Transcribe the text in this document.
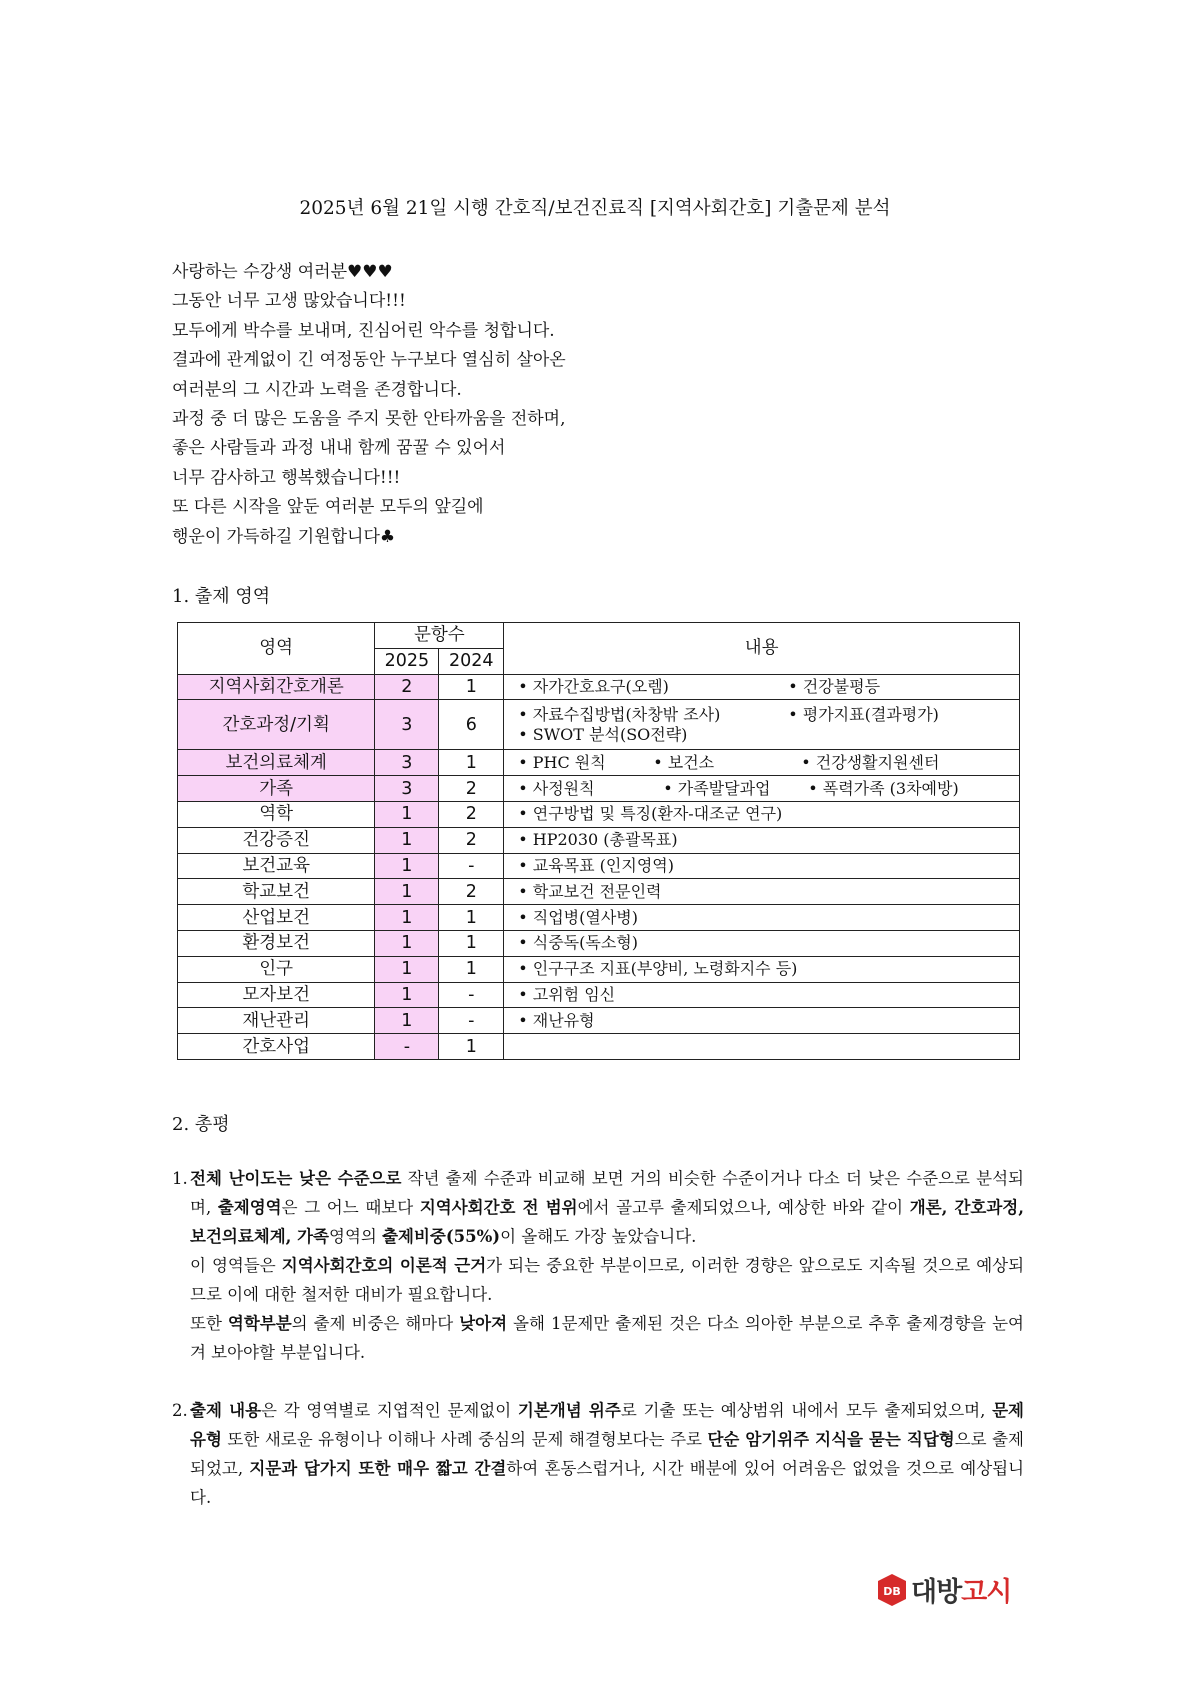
2025년 6월 21일 시행 간호직/보건진료직 [지역사회간호] 기출문제 분석
사랑하는 수강생 여러분♥♥♥
그동안 너무 고생 많았습니다!!!
모두에게 박수를 보내며, 진심어린 악수를 청합니다.
결과에 관계없이 긴 여정동안 누구보다 열심히 살아온
여러분의 그 시간과 노력을 존경합니다.
과정 중 더 많은 도움을 주지 못한 안타까움을 전하며,
좋은 사람들과 과정 내내 함께 꿈꿀 수 있어서
너무 감사하고 행복했습니다!!!
또 다른 시작을 앞둔 여러분 모두의 앞길에
행운이 가득하길 기원합니다♣
1. 출제 영역
영역	문항수		내용
	2025	2024	
지역사회간호개론	2	1	• 자가간호요구(오렘) • 건강불평등

간호과정/기획	3	6	• 자료수집방법(차창밖 조사) • 평가지표(결과평가)
• SWOT 분석(SO전략)

보건의료체계	3	1	• PHC 원칙 • 보건소 • 건강생활지원센터

가족	3	2	• 사정원칙 • 가족발달과업 • 폭력가족 (3차예방)

역학	1	2	• 연구방법 및 특징(환자-대조군 연구)
건강증진	1	2	• HP2030 (총괄목표)
보건교육	1	-	• 교육목표 (인지영역)
학교보건	1	2	• 학교보건 전문인력
산업보건	1	1	• 직업병(열사병)
환경보건	1	1	• 식중독(독소형)
인구	1	1	• 인구구조 지표(부양비, 노령화지수 등)
모자보건	1	-	• 고위험 임신
재난관리	1	-	• 재난유형
간호사업	-	1	
2. 총평
1. 전체 난이도는 낮은 수준으로 작년 출제 수준과 비교해 보면 거의 비슷한 수준이거나 다소 더 낮은 수준으로 분석되며, 출제영역은 그 어느 때보다 지역사회간호 전 범위에서 골고루 출제되었으나, 예상한 바와 같이 개론, 간호과정, 보건의료체계, 가족영역의 출제비중(55%)이 올해도 가장 높았습니다.
이 영역들은 지역사회간호의 이론적 근거가 되는 중요한 부분이므로, 이러한 경향은 앞으로도 지속될 것으로 예상되므로 이에 대한 철저한 대비가 필요합니다.
또한 역학부분의 출제 비중은 해마다 낮아져 올해 1문제만 출제된 것은 다소 의아한 부분으로 추후 출제경향을 눈여겨 보아야할 부분입니다.
2. 출제 내용은 각 영역별로 지엽적인 문제없이 기본개념 위주로 기출 또는 예상범위 내에서 모두 출제되었으며, 문제 유형 또한 새로운 유형이나 이해나 사례 중심의 문제 해결형보다는 주로 단순 암기위주 지식을 묻는 직답형으로 출제되었고, 지문과 답가지 또한 매우 짧고 간결하여 혼동스럽거나, 시간 배분에 있어 어려움은 없었을 것으로 예상됩니다.
DB 대방고시
